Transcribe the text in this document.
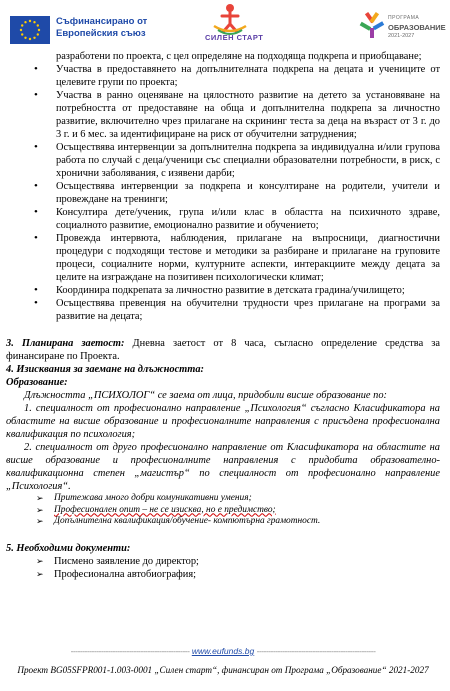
Съфинансирано от
Европейския съюз	СИЛЕН СТАРТ
ПРОГРАМА
ОБРАЗОВАНИЕ
2021-2027
разработени по проекта, с цел определяне на подходяща подкрепа и приобщаване;
• Участва в предоставянето на допълнителната подкрепа на децата и учениците от целевите групи по проекта;
• Участва в ранно оценяване на цялостното развитие на детето за установяване на потребността от предоставяне на обща и допълнителна подкрепа за личностно развитие, включително чрез прилагане на скрининг теста за деца на възраст от 3 г. до 3 г. и 6 мес. за идентифициране на риск от обучителни затруднения;
• Осъществява интервенции за допълнителна подкрепа за индивидуална и/или групова работа по случай с деца/ученици със специални образователни потребности, в риск, с хронични заболявания, с изявени дарби;
• Осъществява интервенции за подкрепа и консултиране на родители, учители и провеждане на тренинги;
• Консултира дете/ученик, група и/или клас в областта на психичното здраве, социалното развитие, емоционално развитие и обучението;
• Провежда интервюта, наблюдения, прилагане на въпросници, диагностични процедури с подходящи тестове и методики за разбиране и прилагане на груповите процеси, социалните норми, културните аспекти, интеракциите между децата за целите на изграждане на позитивен психологически климат;
• Координира подкрепата за личностно развитие в детската градина/училището;
• Осъществява превенция на обучителни трудности чрез прилагане на програми за развитие на децата;
3. Планирана заетост: Дневна заетост от 8 часа, съгласно определение средства за финансиране по Проекта.
4. Изисквания за заемане на длъжността:
Образование:
Длъжността „ПСИХОЛОГ“ се заема от лица, придобили висше образование по:
1. специалност от професионално направление „Психология“ съгласно Класификатора на областите на висше образование и професионалните направления с присъдена професионална квалификация по психология;
2. специалност от друго професионално направление от Класификатора на областите на висше образование и професионалните направления с придобита образователно-квалификационна степен „магистър“ по специалност от професионално направление „Психология“.
➢ Притежава много добри комуникативни умения;
➢ Професионален опит – не се изисква, но е предимство;
➢ Допълнителна квалификация/обучение- компютърна грамотност.
5. Необходими документи:
➢ Писмено заявление до директор;
➢ Професионална автобиография;
--------------------------------------------------- www.eufunds.bg ---------------------------------------------------
Проект BG05SFPR001-1.003-0001 „Силен старт“, финансиран от Програма „Образование“ 2021-2027
